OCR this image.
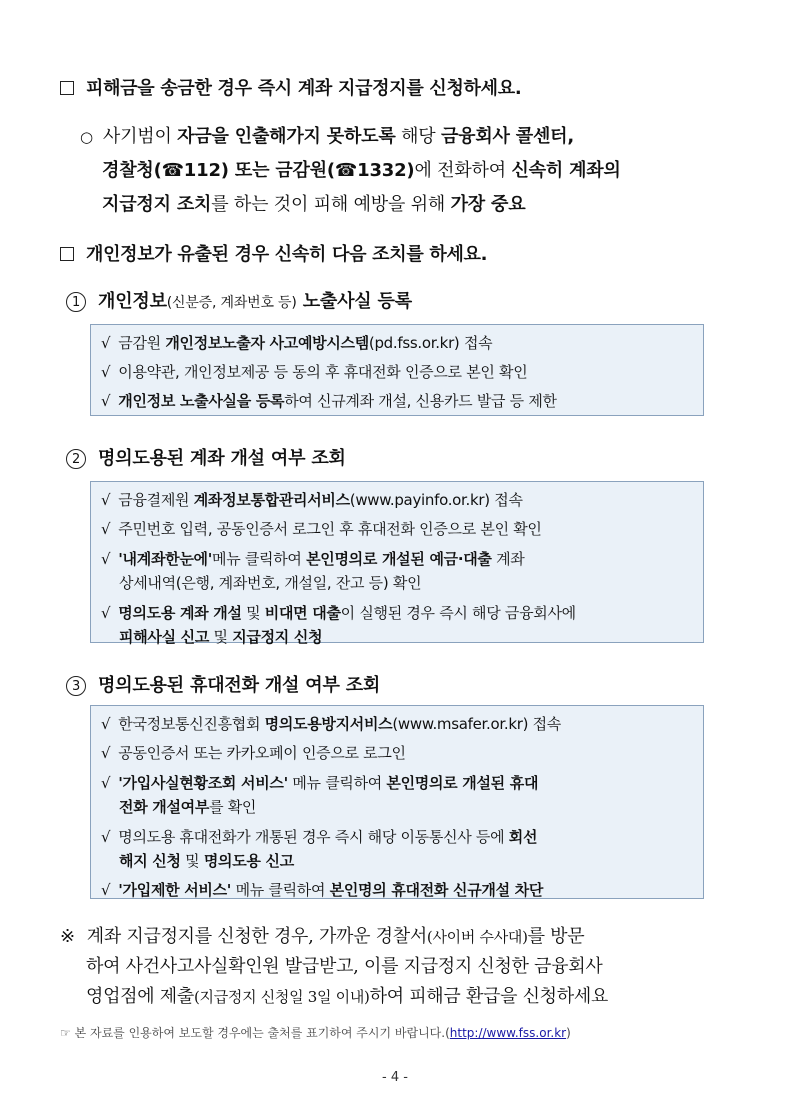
피해금을 송금한 경우 즉시 계좌 지급정지를 신청하세요.
○ 사기범이 자금을 인출해가지 못하도록 해당 금융회사 콜센터,
경찰청(☎112) 또는 금감원(☎1332)에 전화하여 신속히 계좌의
지급정지 조치를 하는 것이 피해 예방을 위해 가장 중요
개인정보가 유출된 경우 신속히 다음 조치를 하세요.
1 개인정보(신분증, 계좌번호 등) 노출사실 등록
√ 금감원 개인정보노출자 사고예방시스템(pd.fss.or.kr) 접속
√ 이용약관, 개인정보제공 등 동의 후 휴대전화 인증으로 본인 확인
√ 개인정보 노출사실을 등록하여 신규계좌 개설, 신용카드 발급 등 제한
2 명의도용된 계좌 개설 여부 조회
√ 금융결제원 계좌정보통합관리서비스(www.payinfo.or.kr) 접속
√ 주민번호 입력, 공동인증서 로그인 후 휴대전화 인증으로 본인 확인
√ '내계좌한눈에'메뉴 클릭하여 본인명의로 개설된 예금·대출 계좌
상세내역(은행, 계좌번호, 개설일, 잔고 등) 확인
√ 명의도용 계좌 개설 및 비대면 대출이 실행된 경우 즉시 해당 금융회사에
피해사실 신고 및 지급정지 신청
3 명의도용된 휴대전화 개설 여부 조회
√ 한국정보통신진흥협회 명의도용방지서비스(www.msafer.or.kr) 접속
√ 공동인증서 또는 카카오페이 인증으로 로그인
√ '가입사실현황조회 서비스' 메뉴 클릭하여 본인명의로 개설된 휴대
전화 개설여부를 확인
√ 명의도용 휴대전화가 개통된 경우 즉시 해당 이동통신사 등에 회선
해지 신청 및 명의도용 신고
√ '가입제한 서비스' 메뉴 클릭하여 본인명의 휴대전화 신규개설 차단
※ 계좌 지급정지를 신청한 경우, 가까운 경찰서(사이버 수사대)를 방문
하여 사건사고사실확인원 발급받고, 이를 지급정지 신청한 금융회사
영업점에 제출(지급정지 신청일 3일 이내)하여 피해금 환급을 신청하세요
☞ 본 자료를 인용하여 보도할 경우에는 출처를 표기하여 주시기 바랍니다.(http://www.fss.or.kr)
- 4 -
